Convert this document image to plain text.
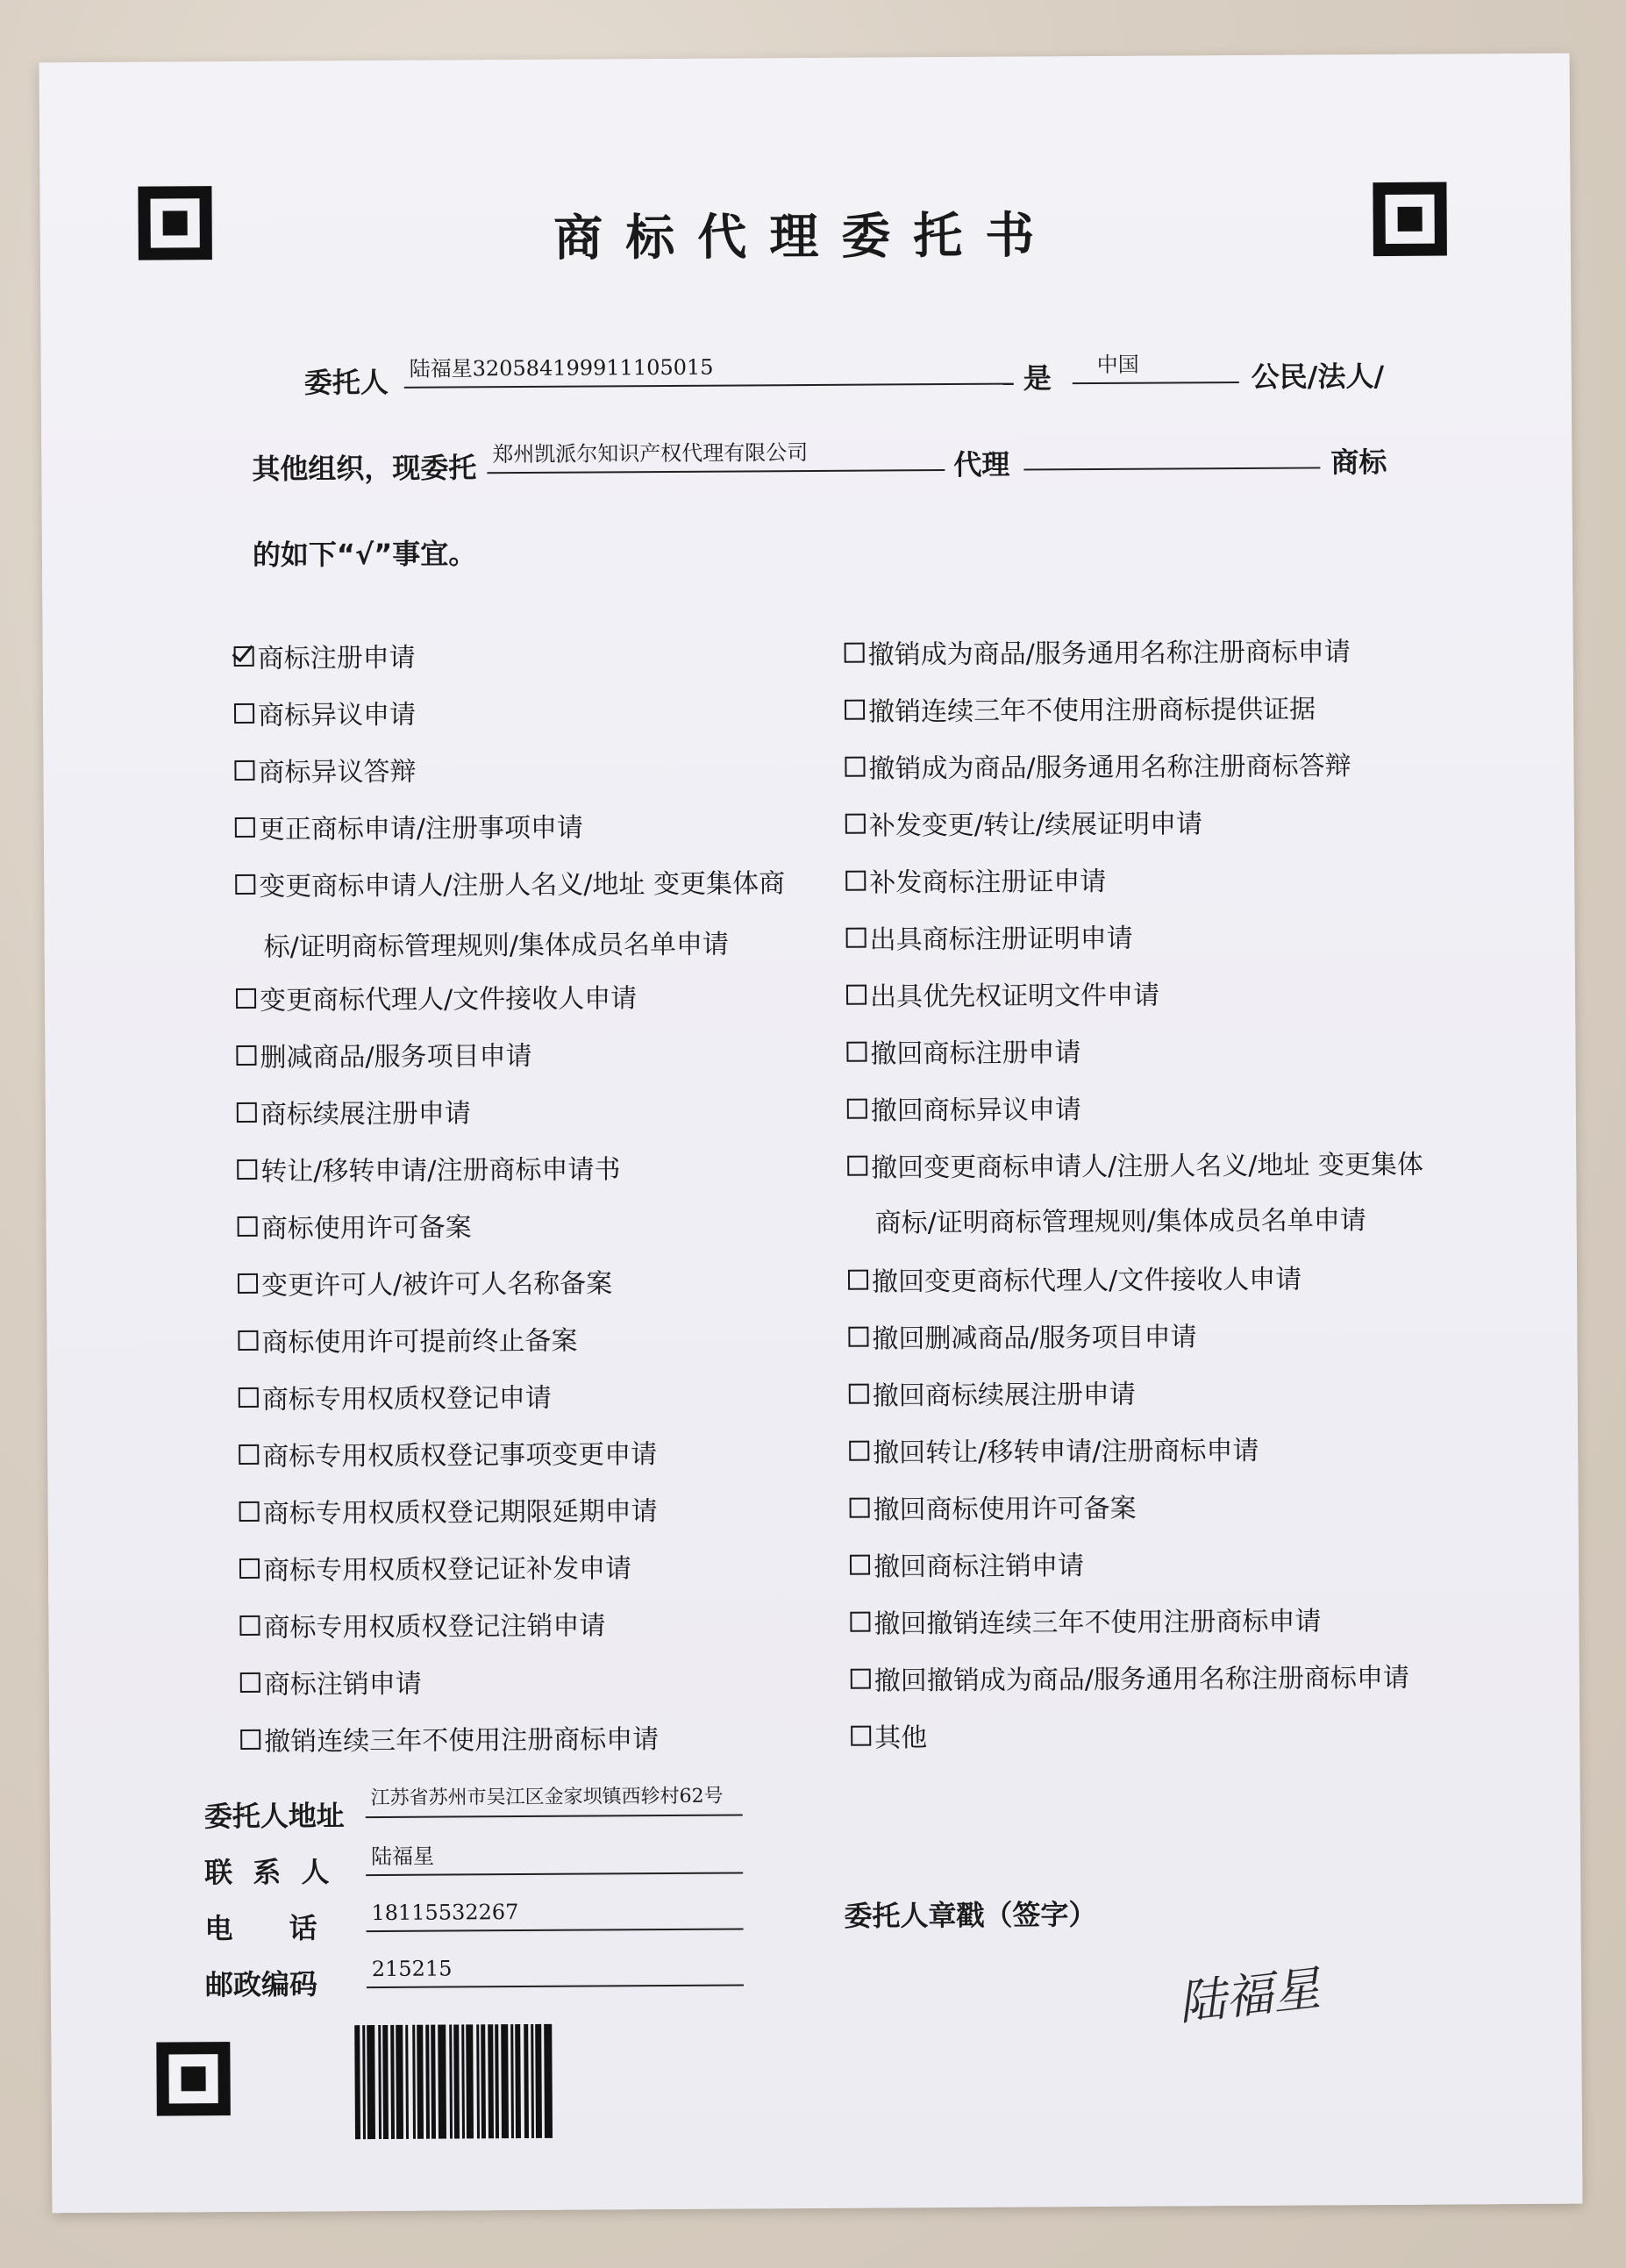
商标代理委托书
委托人 陆福星320584199911105015	是	中国	公民/法人/
其他组织，现委托 郑州凯派尔知识产权代理有限公司	代理	商标
的如下“√”事宜。
商标注册申请
商标异议申请
商标异议答辩
更正商标申请/注册事项申请
变更商标申请人/注册人名义/地址 变更集体商
变更商标代理人/文件接收人申请
删减商品/服务项目申请
商标续展注册申请
转让/移转申请/注册商标申请书
商标使用许可备案
变更许可人/被许可人名称备案
商标使用许可提前终止备案
商标专用权质权登记申请
商标专用权质权登记事项变更申请
商标专用权质权登记期限延期申请
商标专用权质权登记证补发申请
商标专用权质权登记注销申请
商标注销申请
撤销连续三年不使用注册商标申请
撤销成为商品/服务通用名称注册商标申请
撤销连续三年不使用注册商标提供证据
撤销成为商品/服务通用名称注册商标答辩
补发变更/转让/续展证明申请
补发商标注册证申请
出具商标注册证明申请
出具优先权证明文件申请
撤回商标注册申请
撤回商标异议申请
撤回变更商标申请人/注册人名义/地址 变更集体
撤回变更商标代理人/文件接收人申请
撤回删减商品/服务项目申请
撤回商标续展注册申请
撤回转让/移转申请/注册商标申请
撤回商标使用许可备案
撤回商标注销申请
撤回撤销连续三年不使用注册商标申请
撤回撤销成为商品/服务通用名称注册商标申请
其他
标/证明商标管理规则/集体成员名单申请
商标/证明商标管理规则/集体成员名单申请
委托人地址
江苏省苏州市吴江区金家坝镇西轸村62号
联 系 人 陆福星
电　　话	18115532267
邮政编码	215215
委托人章戳（签字）
陆福星
